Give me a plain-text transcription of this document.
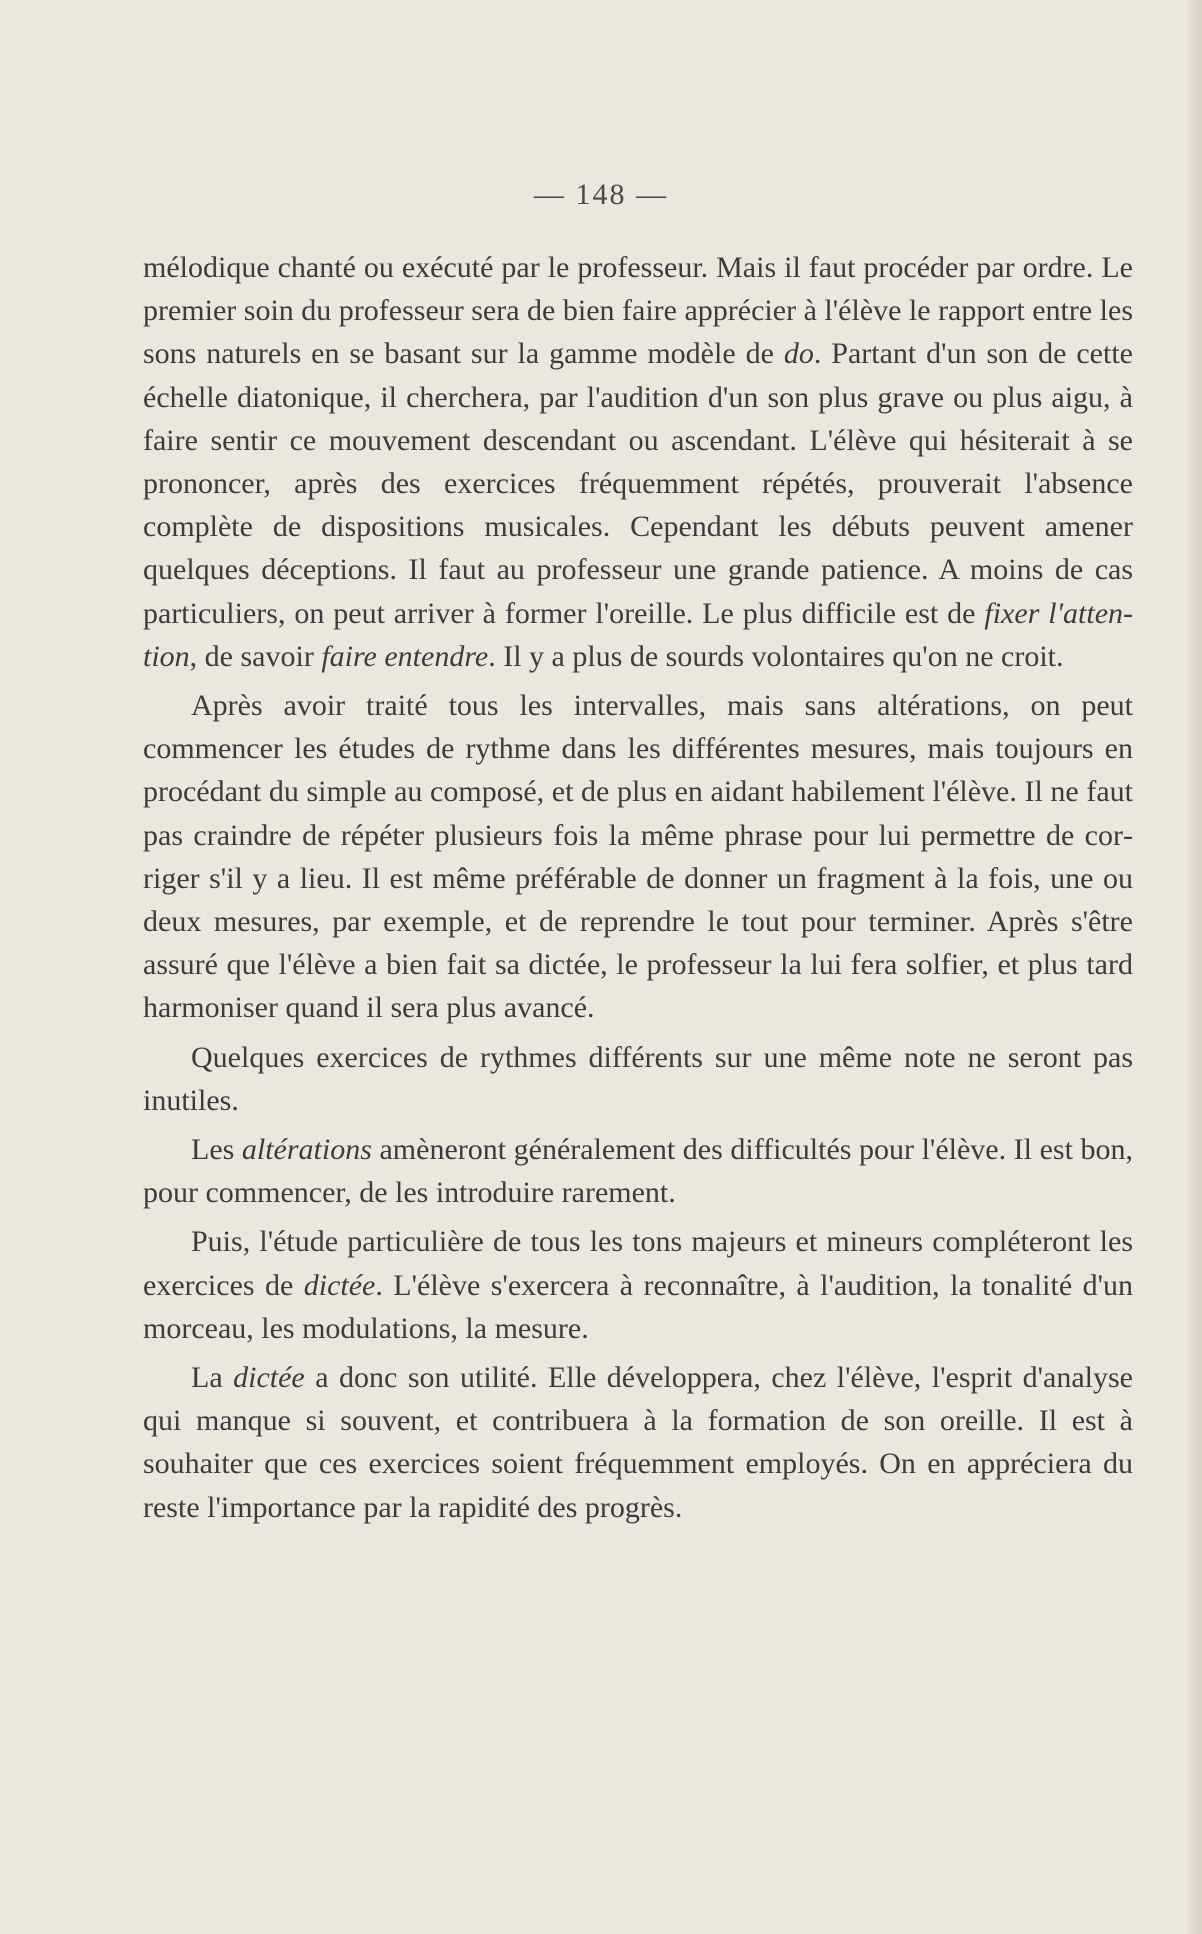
— 148 —

mélodique chanté ou exécuté par le professeur. Mais il faut procéder par ordre. Le premier soin du professeur sera de bien faire apprécier à l'élève le rapport entre les sons naturels en se basant sur la gamme modèle de do. Partant d'un son de cette échelle diatonique, il cherchera, par l'audition d'un son plus grave ou plus aigu, à faire sentir ce mouvement descendant ou ascendant. L'élève qui hésiterait à se prononcer, après des exercices fréquemment répétés, prouverait l'absence complète de dispositions musicales. Cependant les débuts peuvent amener quelques déceptions. Il faut au professeur une grande patience. A moins de cas particuliers, on peut arriver à former l'oreille. Le plus difficile est de fixer l'attention, de savoir faire entendre. Il y a plus de sourds volontaires qu'on ne croit.

Après avoir traité tous les intervalles, mais sans altérations, on peut commencer les études de rythme dans les différentes mesures, mais toujours en procédant du simple au composé, et de plus en aidant habilement l'élève. Il ne faut pas craindre de répéter plusieurs fois la même phrase pour lui permettre de corriger s'il y a lieu. Il est même préférable de donner un fragment à la fois, une ou deux mesures, par exemple, et de reprendre le tout pour terminer. Après s'être assuré que l'élève a bien fait sa dictée, le professeur la lui fera solfier, et plus tard harmoniser quand il sera plus avancé.

Quelques exercices de rythmes différents sur une même note ne seront pas inutiles.

Les altérations amèneront généralement des difficultés pour l'élève. Il est bon, pour commencer, de les introduire rarement.

Puis, l'étude particulière de tous les tons majeurs et mineurs compléteront les exercices de dictée. L'élève s'exercera à reconnaître, à l'audition, la tonalité d'un morceau, les modulations, la mesure.

La dictée a donc son utilité. Elle développera, chez l'élève, l'esprit d'analyse qui manque si souvent, et contribuera à la formation de son oreille. Il est à souhaiter que ces exercices soient fréquemment employés. On en appréciera du reste l'importance par la rapidité des progrès.
